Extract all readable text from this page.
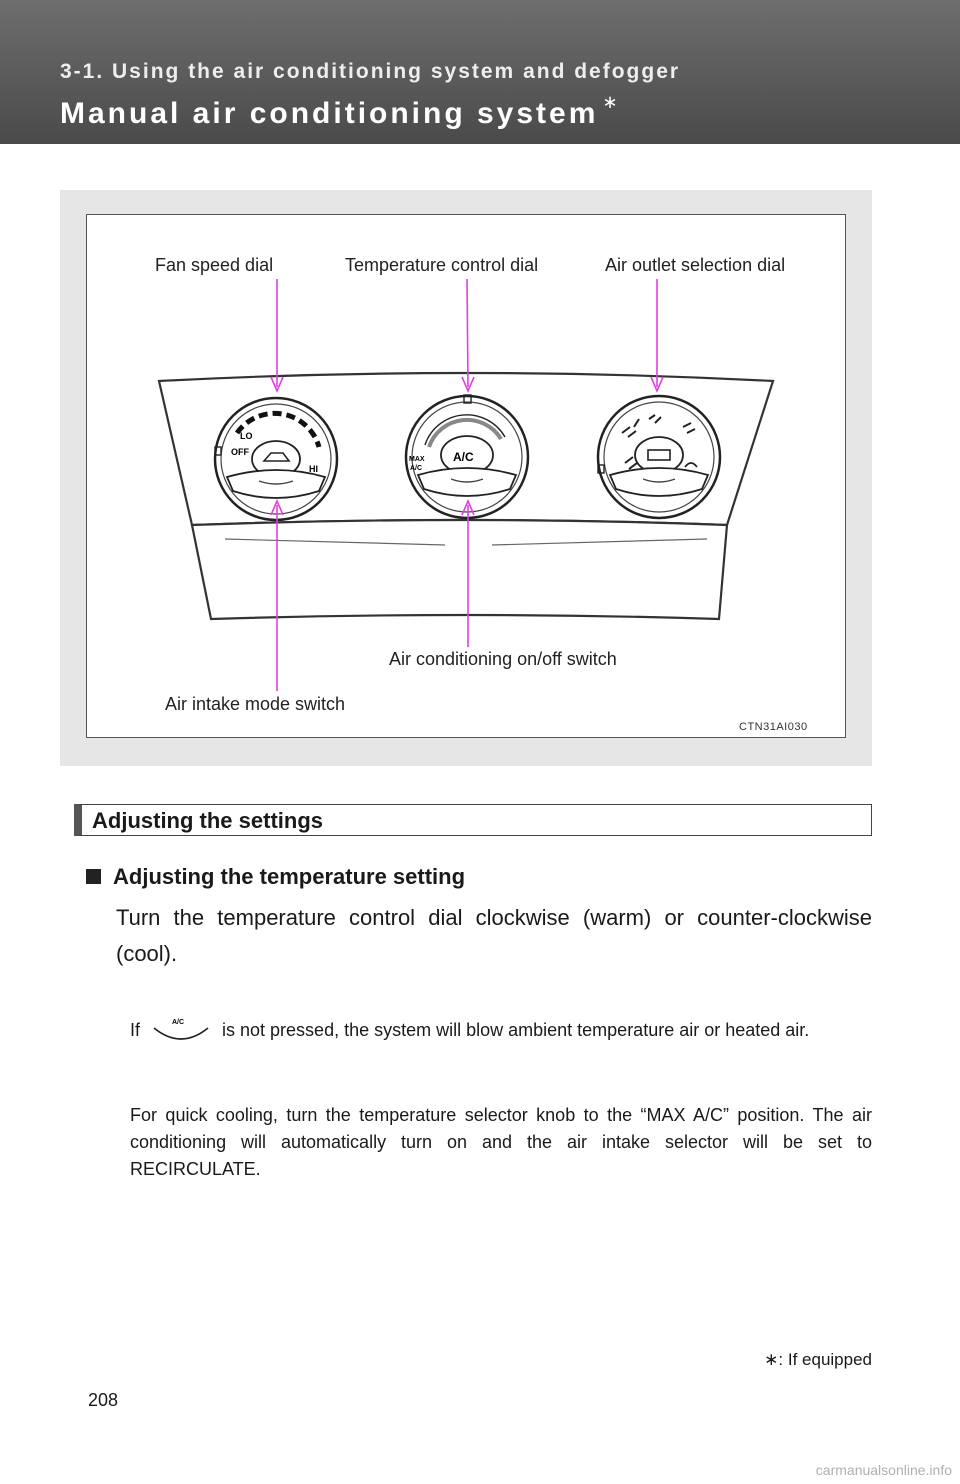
3-1. Using the air conditioning system and defogger
Manual air conditioning system ∗
LO
OFF
HI
A/C
MAX
A/C
Fan speed dial	Temperature control dial	Air outlet selection dial
Air conditioning on/off switch
Air intake mode switch
CTN31AI030
Adjusting the settings
Adjusting the temperature setting
Turn the temperature control dial clockwise (warm) or counter-clockwise (cool).
If	A/C is not pressed, the system will blow ambient temperature air or heated air.
For quick cooling, turn the temperature selector knob to the “MAX A/C” position. The air conditioning will automatically turn on and the air intake selector will be set to RECIRCULATE.
∗: If equipped
208
carmanualsonline.info
